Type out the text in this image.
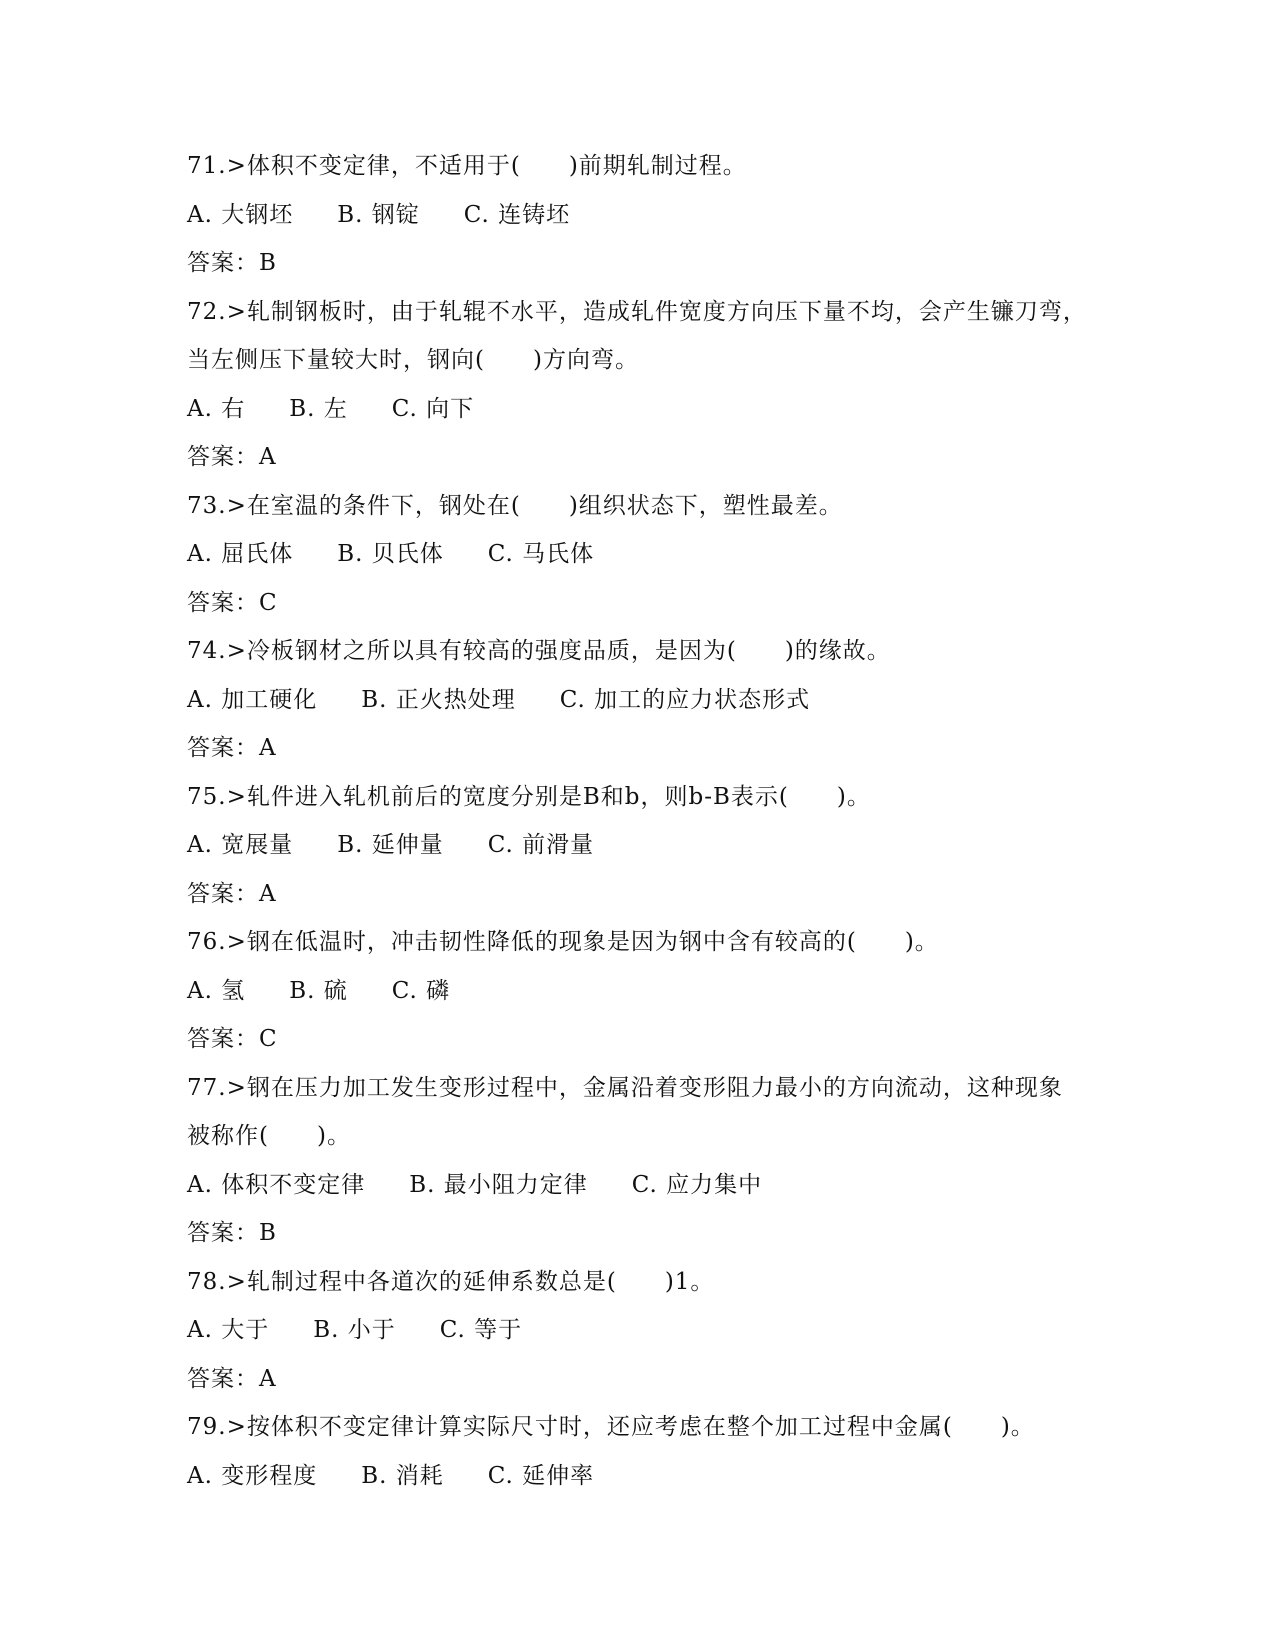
71.>体积不变定律，不适用于(　　)前期轧制过程。
A. 大钢坯 B. 钢锭 C. 连铸坯
答案：B
72.>轧制钢板时，由于轧辊不水平，造成轧件宽度方向压下量不均，会产生镰刀弯，
当左侧压下量较大时，钢向(　　)方向弯。
A. 右 B. 左 C. 向下
答案：A
73.>在室温的条件下，钢处在(　　)组织状态下，塑性最差。
A. 屈氏体 B. 贝氏体 C. 马氏体
答案：C
74.>冷板钢材之所以具有较高的强度品质，是因为(　　)的缘故。
A. 加工硬化 B. 正火热处理 C. 加工的应力状态形式
答案：A
75.>轧件进入轧机前后的宽度分别是B和b，则b-B表示(　　)。
A. 宽展量 B. 延伸量 C. 前滑量
答案：A
76.>钢在低温时，冲击韧性降低的现象是因为钢中含有较高的(　　)。
A. 氢 B. 硫 C. 磷
答案：C
77.>钢在压力加工发生变形过程中，金属沿着变形阻力最小的方向流动，这种现象
被称作(　　)。
A. 体积不变定律 B. 最小阻力定律 C. 应力集中
答案：B
78.>轧制过程中各道次的延伸系数总是(　　)1。
A. 大于 B. 小于 C. 等于
答案：A
79.>按体积不变定律计算实际尺寸时，还应考虑在整个加工过程中金属(　　)。
A. 变形程度 B. 消耗 C. 延伸率
